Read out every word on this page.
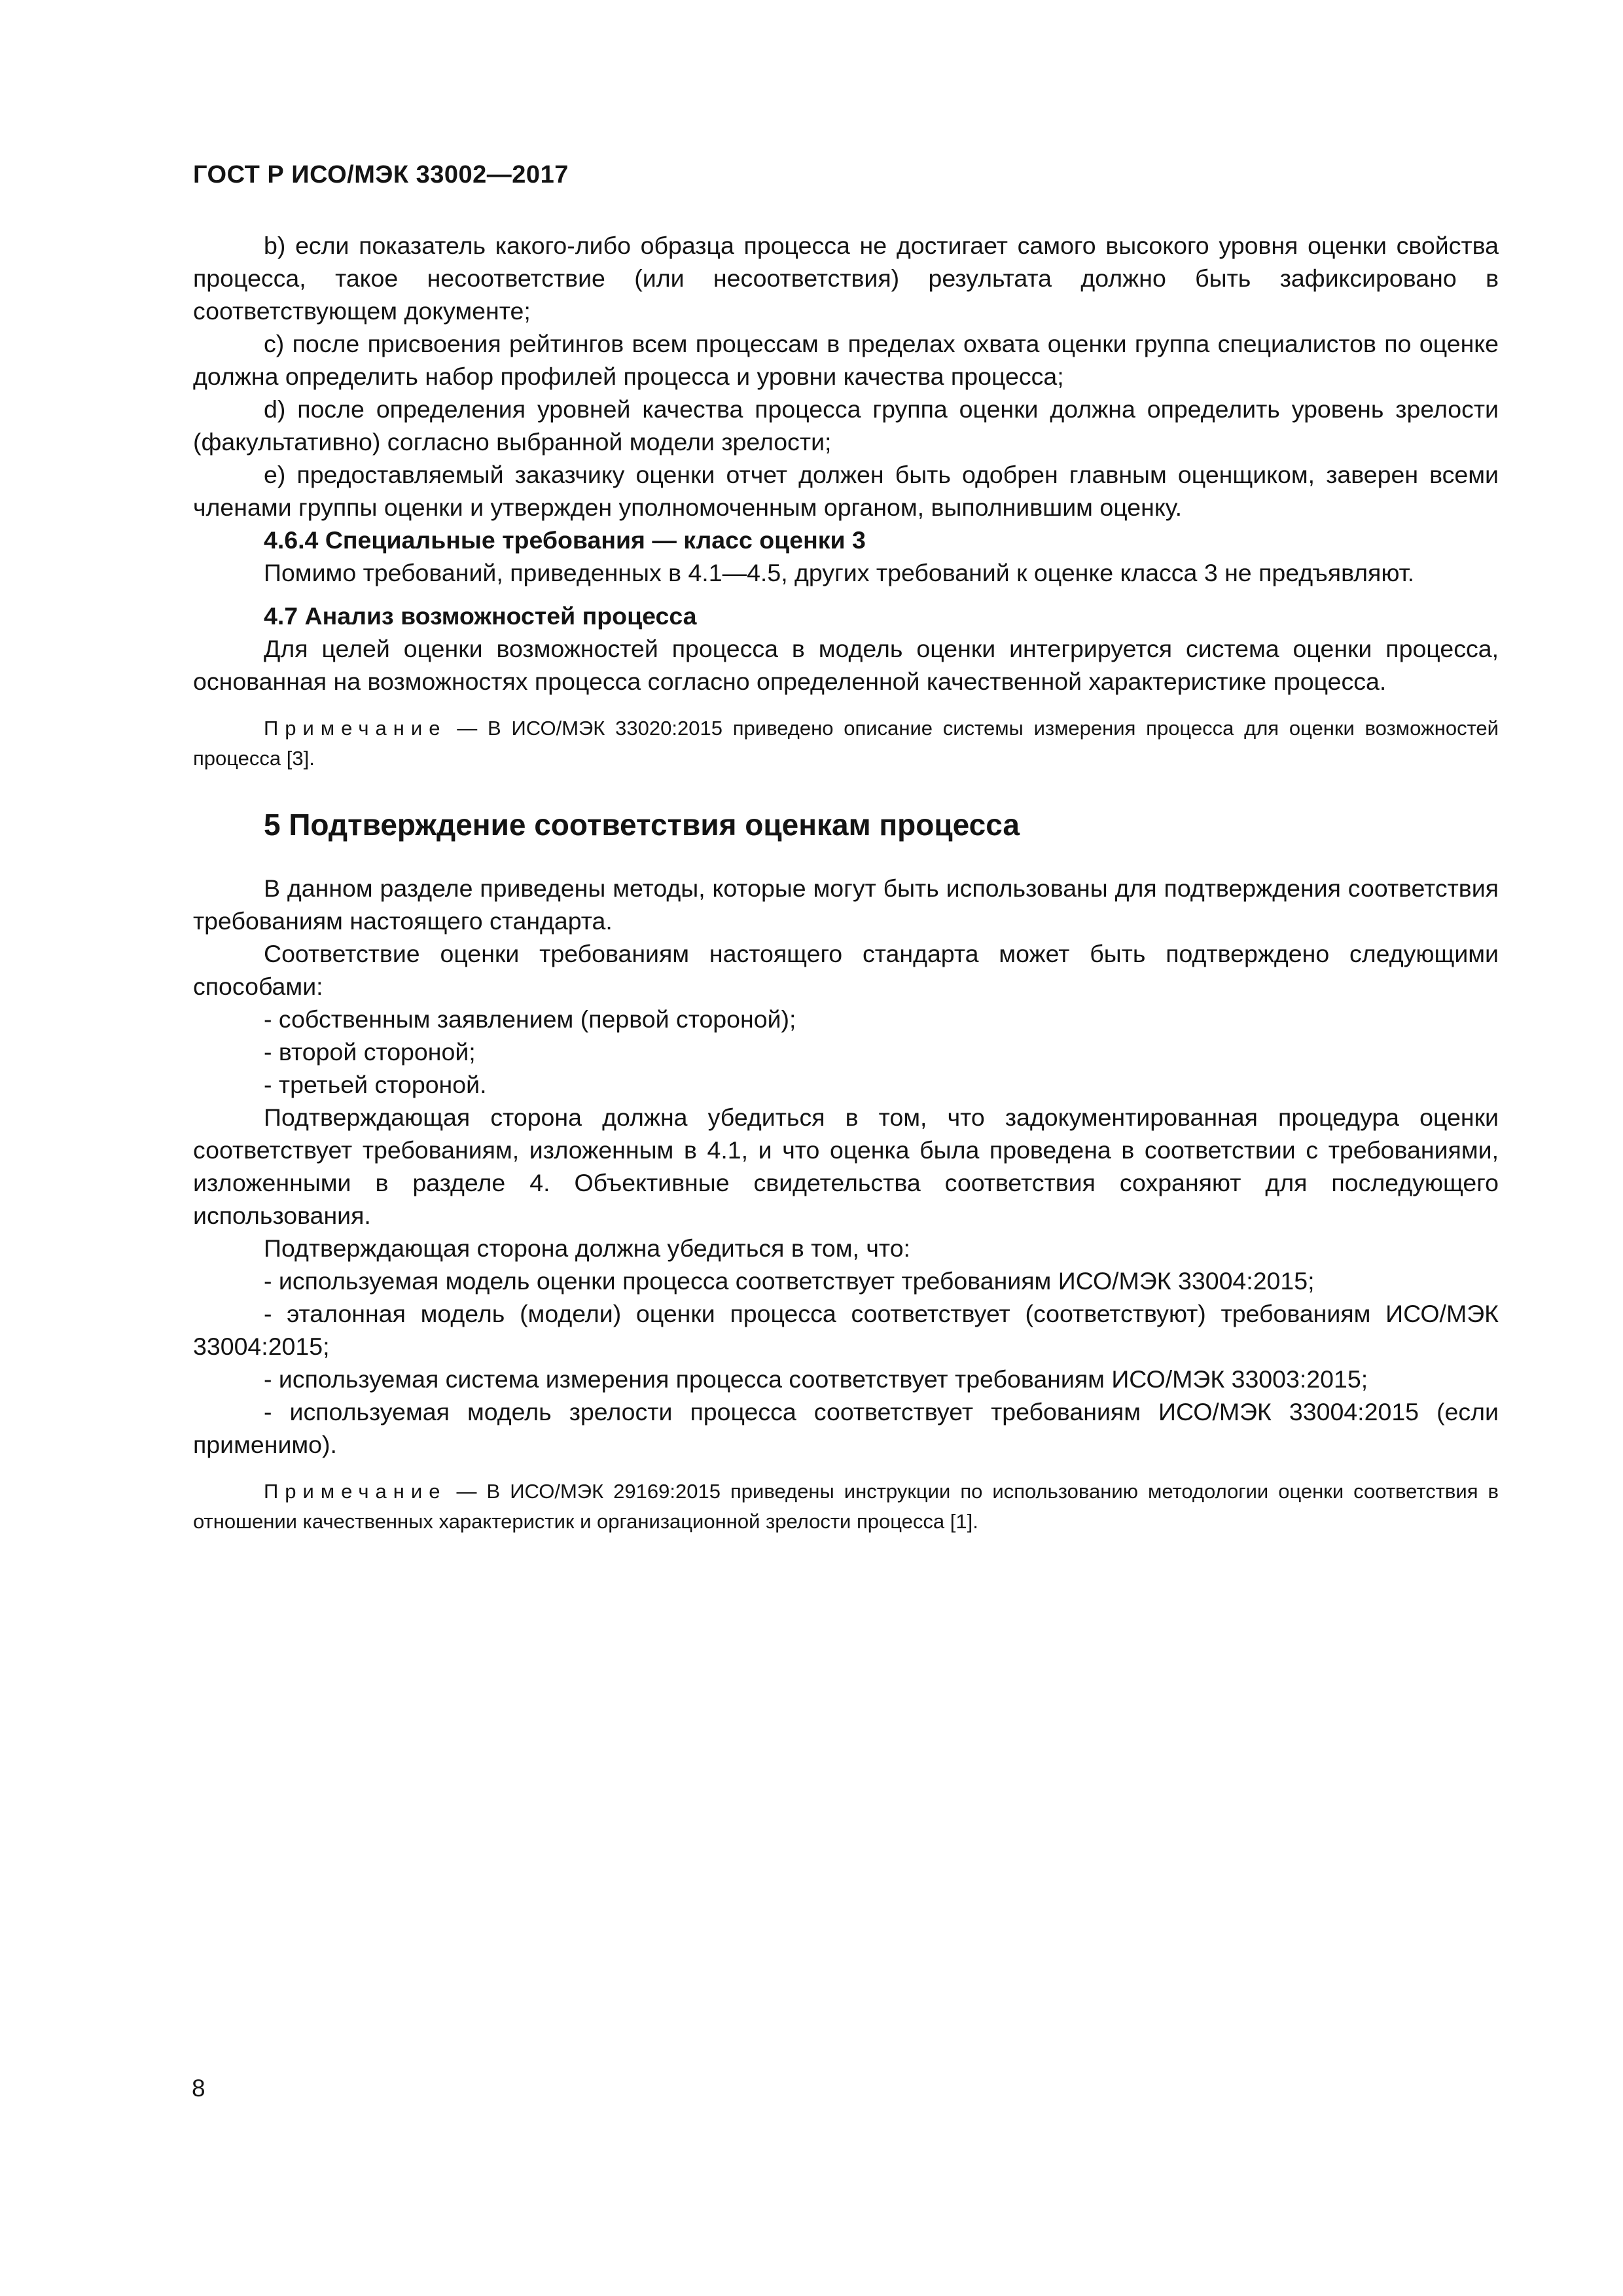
ГОСТ Р ИСО/МЭК 33002—2017

b) если показатель какого-либо образца процесса не достигает самого высокого уровня оценки свойства процесса, такое несоответствие (или несоответствия) результата должно быть зафиксировано в соответствующем документе;

c) после присвоения рейтингов всем процессам в пределах охвата оценки группа специалистов по оценке должна определить набор профилей процесса и уровни качества процесса;

d) после определения уровней качества процесса группа оценки должна определить уровень зрелости (факультативно) согласно выбранной модели зрелости;

e) предоставляемый заказчику оценки отчет должен быть одобрен главным оценщиком, заверен всеми членами группы оценки и утвержден уполномоченным органом, выполнившим оценку.

4.6.4 Специальные требования — класс оценки 3

Помимо требований, приведенных в 4.1—4.5, других требований к оценке класса 3 не предъявляют.

4.7 Анализ возможностей процесса

Для целей оценки возможностей процесса в модель оценки интегрируется система оценки процесса, основанная на возможностях процесса согласно определенной качественной характеристике процесса.

Примечание — В ИСО/МЭК 33020:2015 приведено описание системы измерения процесса для оценки возможностей процесса [3].

5 Подтверждение соответствия оценкам процесса

В данном разделе приведены методы, которые могут быть использованы для подтверждения соответствия требованиям настоящего стандарта.

Соответствие оценки требованиям настоящего стандарта может быть подтверждено следующими способами:

- собственным заявлением (первой стороной);

- второй стороной;

- третьей стороной.

Подтверждающая сторона должна убедиться в том, что задокументированная процедура оценки соответствует требованиям, изложенным в 4.1, и что оценка была проведена в соответствии с требованиями, изложенными в разделе 4. Объективные свидетельства соответствия сохраняют для последующего использования.

Подтверждающая сторона должна убедиться в том, что:

- используемая модель оценки процесса соответствует требованиям ИСО/МЭК 33004:2015;

- эталонная модель (модели) оценки процесса соответствует (соответствуют) требованиям ИСО/МЭК 33004:2015;

- используемая система измерения процесса соответствует требованиям ИСО/МЭК 33003:2015;

- используемая модель зрелости процесса соответствует требованиям ИСО/МЭК 33004:2015 (если применимо).

Примечание — В ИСО/МЭК 29169:2015 приведены инструкции по использованию методологии оценки соответствия в отношении качественных характеристик и организационной зрелости процесса [1].

8
